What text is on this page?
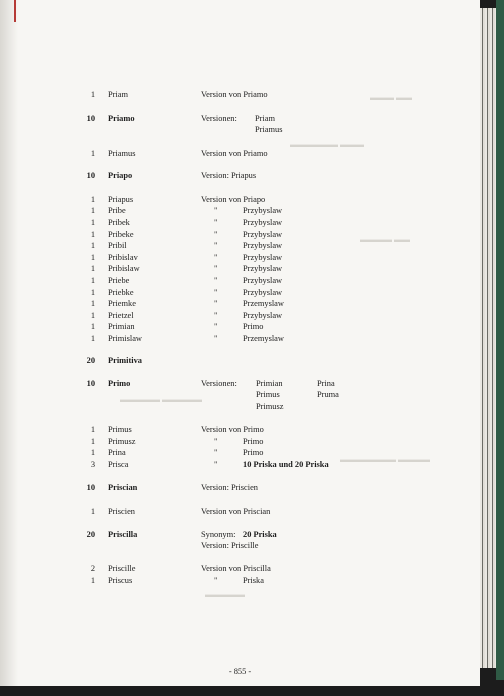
▬▬▬ ▬▬
▬▬▬▬▬▬ ▬▬▬
▬▬▬▬ ▬▬
▬▬▬▬▬ ▬▬▬▬▬
▬▬▬▬▬▬▬ ▬▬▬▬
▬▬▬▬▬
1 Priam	Version von Priamo
10 Priamo	Versionen: Priam
Priamus
1 Priamus	Version von Priamo
10 Priapo	Version: Priapus
1 Priapus	Version von Priapo
1 Pribe	"	Przybyslaw
1 Pribek	"	Przybyslaw
1 Pribeke	"	Przybyslaw
1 Pribil	"	Przybyslaw
1 Pribislav	"	Przybyslaw
1 Pribislaw	"	Przybyslaw
1 Priebe	"	Przybyslaw
1 Priebke	"	Przybyslaw
1 Priemke	"	Przemyslaw
1 Prietzel	"	Przybyslaw
1 Primian	"	Primo
1 Primislaw	"	Przemyslaw
20 Primitiva
10 Primo	Versionen: Primian	Prina
Primus	Pruma
Primusz
1 Primus	Version von Primo
1 Primusz	"	Primo
1 Prina	"	Primo
3 Prisca	"	10 Priska und 20 Priska
10 Priscian	Version: Priscien
1 Priscien	Version von Priscian
20 Priscilla	Synonym: 20 Priska
Version: Priscille
2 Priscille	Version von Priscilla
1 Priscus	"	Priska
- 855 -
